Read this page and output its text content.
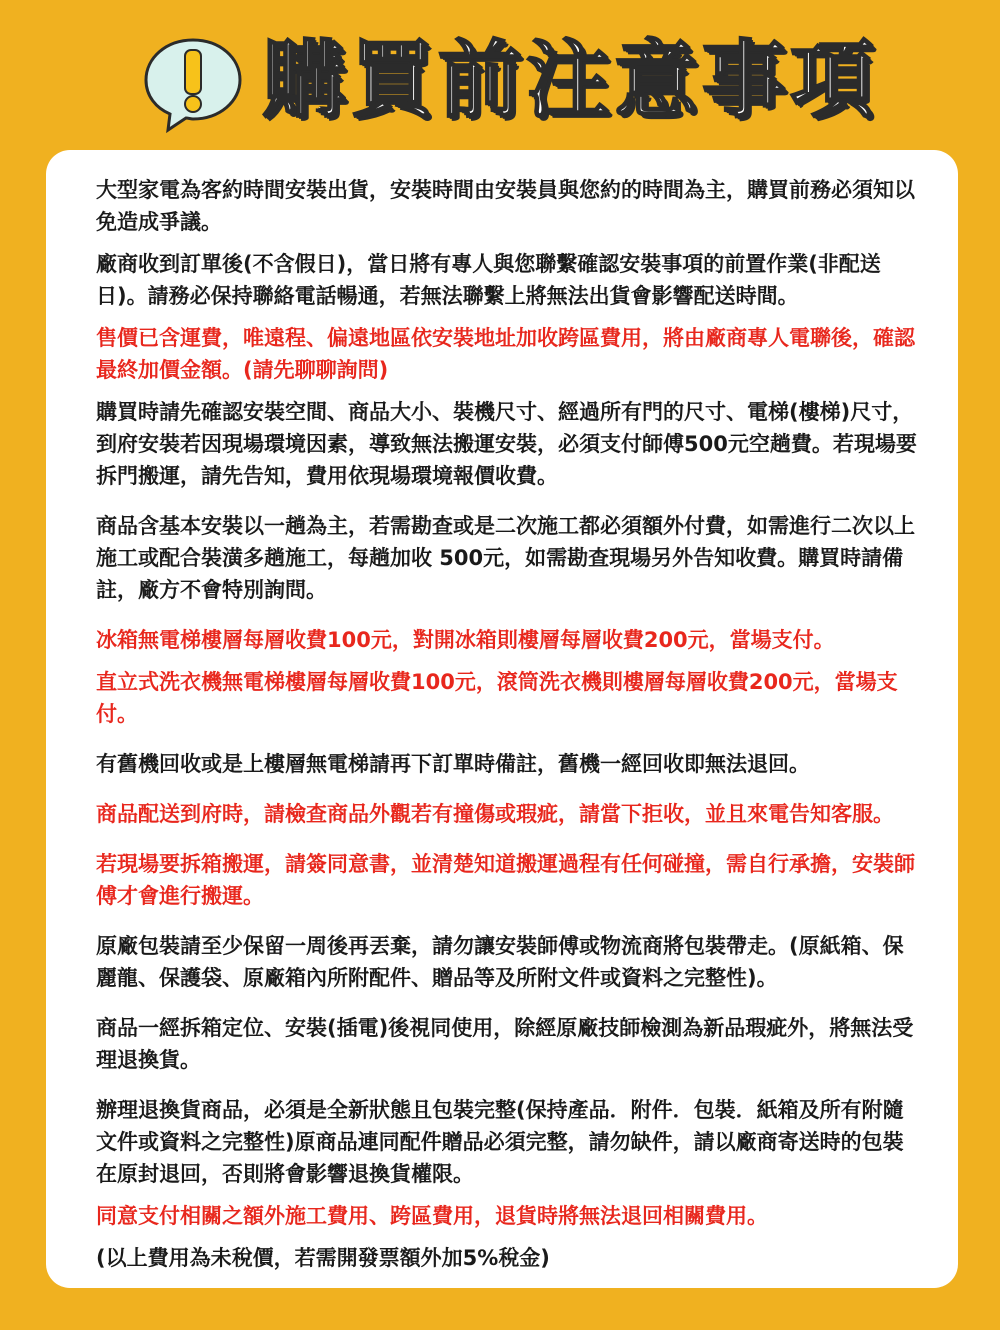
購買前注意事項

大型家電為客約時間安裝出貨，安裝時間由安裝員與您約的時間為主，購買前務必須知以免造成爭議。

廠商收到訂單後(不含假日)，當日將有專人與您聯繫確認安裝事項的前置作業(非配送日)。請務必保持聯絡電話暢通，若無法聯繫上將無法出貨會影響配送時間。

售價已含運費，唯遠程、偏遠地區依安裝地址加收跨區費用，將由廠商專人電聯後，確認最終加價金額。(請先聊聊詢問)

購買時請先確認安裝空間、商品大小、裝機尺寸、經過所有門的尺寸、電梯(樓梯)尺寸，到府安裝若因現場環境因素，導致無法搬運安裝，必須支付師傅500元空趟費。若現場要拆門搬運，請先告知，費用依現場環境報價收費。

商品含基本安裝以一趟為主，若需勘查或是二次施工都必須額外付費，如需進行二次以上施工或配合裝潢多趟施工，每趟加收 500元，如需勘查現場另外告知收費。購買時請備註，廠方不會特別詢問。

冰箱無電梯樓層每層收費100元，對開冰箱則樓層每層收費200元，當場支付。

直立式洗衣機無電梯樓層每層收費100元，滾筒洗衣機則樓層每層收費200元，當場支付。

有舊機回收或是上樓層無電梯請再下訂單時備註，舊機一經回收即無法退回。

商品配送到府時，請檢查商品外觀若有撞傷或瑕疵，請當下拒收，並且來電告知客服。

若現場要拆箱搬運，請簽同意書，並清楚知道搬運過程有任何碰撞，需自行承擔，安裝師傅才會進行搬運。

原廠包裝請至少保留一周後再丟棄，請勿讓安裝師傅或物流商將包裝帶走。(原紙箱、保麗龍、保護袋、原廠箱內所附配件、贈品等及所附文件或資料之完整性)。

商品一經拆箱定位、安裝(插電)後視同使用，除經原廠技師檢測為新品瑕疵外，將無法受理退換貨。

辦理退換貨商品，必須是全新狀態且包裝完整(保持產品．附件．包裝．紙箱及所有附隨文件或資料之完整性)原商品連同配件贈品必須完整，請勿缺件，請以廠商寄送時的包裝在原封退回，否則將會影響退換貨權限。

同意支付相關之額外施工費用、跨區費用，退貨時將無法退回相關費用。

(以上費用為未稅價，若需開發票額外加5%稅金)
